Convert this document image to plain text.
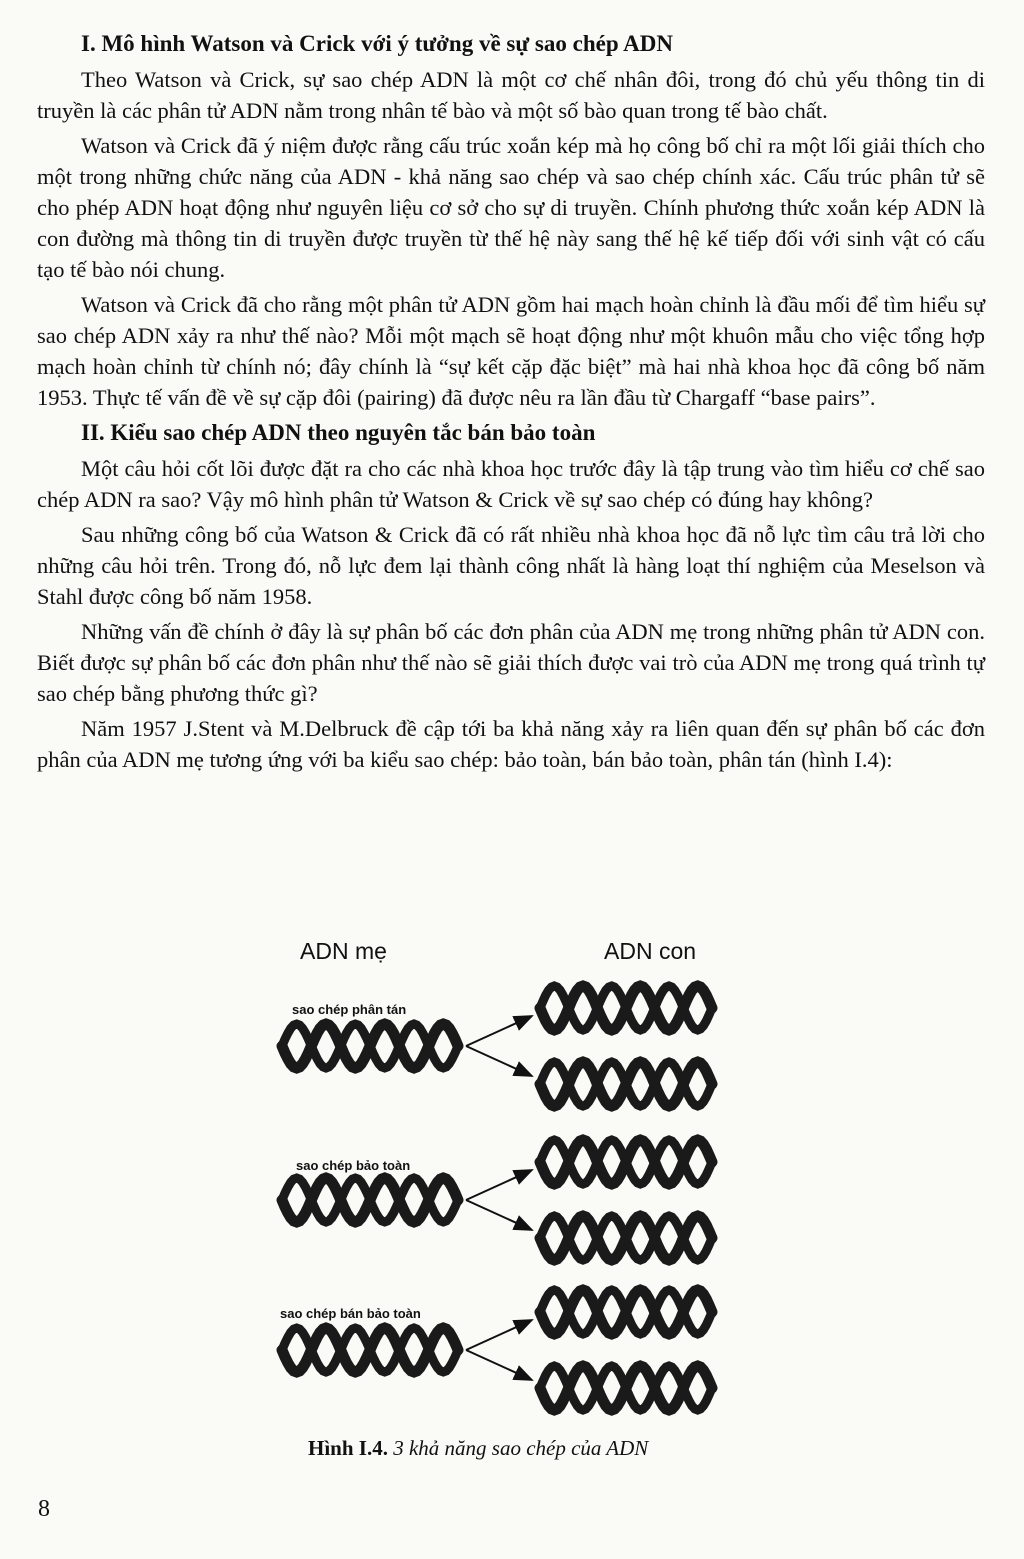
I. Mô hình Watson và Crick với ý tưởng về sự sao chép ADN

Theo Watson và Crick, sự sao chép ADN là một cơ chế nhân đôi, trong đó chủ yếu thông tin di truyền là các phân tử ADN nằm trong nhân tế bào và một số bào quan trong tế bào chất.

Watson và Crick đã ý niệm được rằng cấu trúc xoắn kép mà họ công bố chỉ ra một lối giải thích cho một trong những chức năng của ADN - khả năng sao chép và sao chép chính xác. Cấu trúc phân tử sẽ cho phép ADN hoạt động như nguyên liệu cơ sở cho sự di truyền. Chính phương thức xoắn kép ADN là con đường mà thông tin di truyền được truyền từ thế hệ này sang thế hệ kế tiếp đối với sinh vật có cấu tạo tế bào nói chung.

Watson và Crick đã cho rằng một phân tử ADN gồm hai mạch hoàn chỉnh là đầu mối để tìm hiểu sự sao chép ADN xảy ra như thế nào? Mỗi một mạch sẽ hoạt động như một khuôn mẫu cho việc tổng hợp mạch hoàn chỉnh từ chính nó; đây chính là “sự kết cặp đặc biệt” mà hai nhà khoa học đã công bố năm 1953. Thực tế vấn đề về sự cặp đôi (pairing) đã được nêu ra lần đầu từ Chargaff “base pairs”.

II. Kiểu sao chép ADN theo nguyên tắc bán bảo toàn

Một câu hỏi cốt lõi được đặt ra cho các nhà khoa học trước đây là tập trung vào tìm hiểu cơ chế sao chép ADN ra sao? Vậy mô hình phân tử Watson & Crick về sự sao chép có đúng hay không?

Sau những công bố của Watson & Crick đã có rất nhiều nhà khoa học đã nỗ lực tìm câu trả lời cho những câu hỏi trên. Trong đó, nỗ lực đem lại thành công nhất là hàng loạt thí nghiệm của Meselson và Stahl được công bố năm 1958.

Những vấn đề chính ở đây là sự phân bố các đơn phân của ADN mẹ trong những phân tử ADN con. Biết được sự phân bố các đơn phân như thế nào sẽ giải thích được vai trò của ADN mẹ trong quá trình tự sao chép bằng phương thức gì?

Năm 1957 J.Stent và M.Delbruck đề cập tới ba khả năng xảy ra liên quan đến sự phân bố các đơn phân của ADN mẹ tương ứng với ba kiểu sao chép: bảo toàn, bán bảo toàn, phân tán (hình I.4):

ADN mẹ	ADN con
sao chép phân tán
sao chép bảo toàn
sao chép bán bảo toàn
Hình I.4. 3 khả năng sao chép của ADN
8
